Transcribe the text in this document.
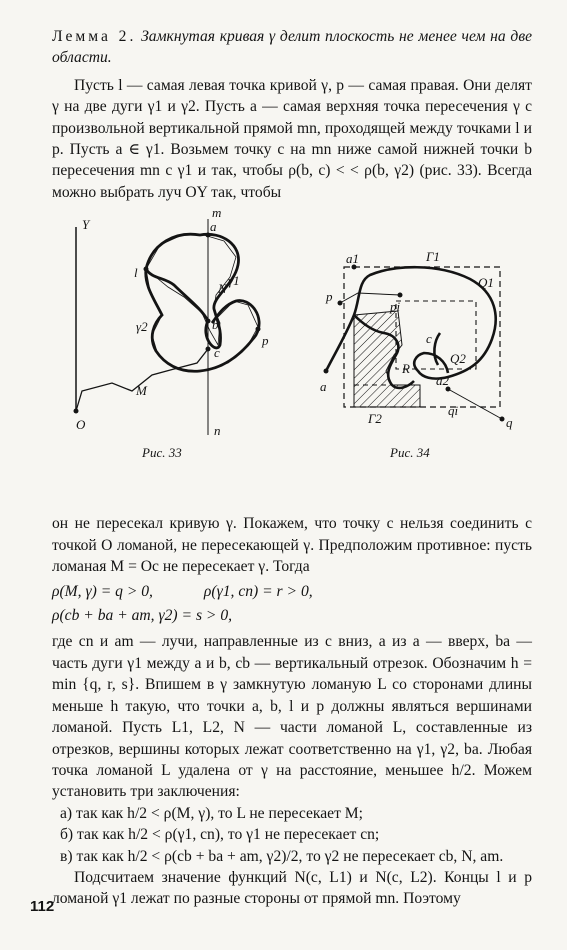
Лемма 2. Замкнутая кривая γ делит плоскость не менее чем на две области.

Пусть l — самая левая точка кривой γ, p — самая правая. Они делят γ на две дуги γ1 и γ2. Пусть a — самая верхняя точка пересечения γ с произвольной вертикальной прямой mn, проходящей между точками l и p. Пусть a ∈ γ1. Возьмем точку c на mn ниже самой нижней точки b пересечения mn с γ1 и так, чтобы ρ(b, c) < < ρ(b, γ2) (рис. 33). Всегда можно выбрать луч OY так, чтобы

Y
m
a
l
N
γ1
γ2	b
c
p
M
O	n
Рис. 33
a1	Γ1
Q1
p
pi
c
Q2
R
a2
a
Γ2
qi
q
Рис. 34

он не пересекал кривую γ. Покажем, что точку c нельзя соединить с точкой O ломаной, не пересекающей γ. Предположим противное: пусть ломаная M = Oc не пересекает γ. Тогда

ρ(M, γ) = q > 0,	ρ(γ1, cn) = r > 0,
ρ(cb + ba + am, γ2) = s > 0,

где cn и am — лучи, направленные из c вниз, а из a — вверх, ba — часть дуги γ1 между a и b, cb — вертикальный отрезок. Обозначим h = min {q, r, s}. Впишем в γ замкнутую ломаную L со сторонами длины меньше h такую, что точки a, b, l и p должны являться вершинами ломаной. Пусть L1, L2, N — части ломаной L, составленные из отрезков, вершины которых лежат соответственно на γ1, γ2, ba. Любая точка ломаной L удалена от γ на расстояние, меньшее h/2. Можем установить три заключения:

а) так как h/2 < ρ(M, γ), то L не пересекает M;

б) так как h/2 < ρ(γ1, cn), то γ1 не пересекает cn;

в) так как h/2 < ρ(cb + ba + am, γ2)/2, то γ2 не пересекает cb, N, am.

Подсчитаем значение функций N(c, L1) и N(c, L2). Концы l и p ломаной γ1 лежат по разные стороны от прямой mn. Поэтому

112
